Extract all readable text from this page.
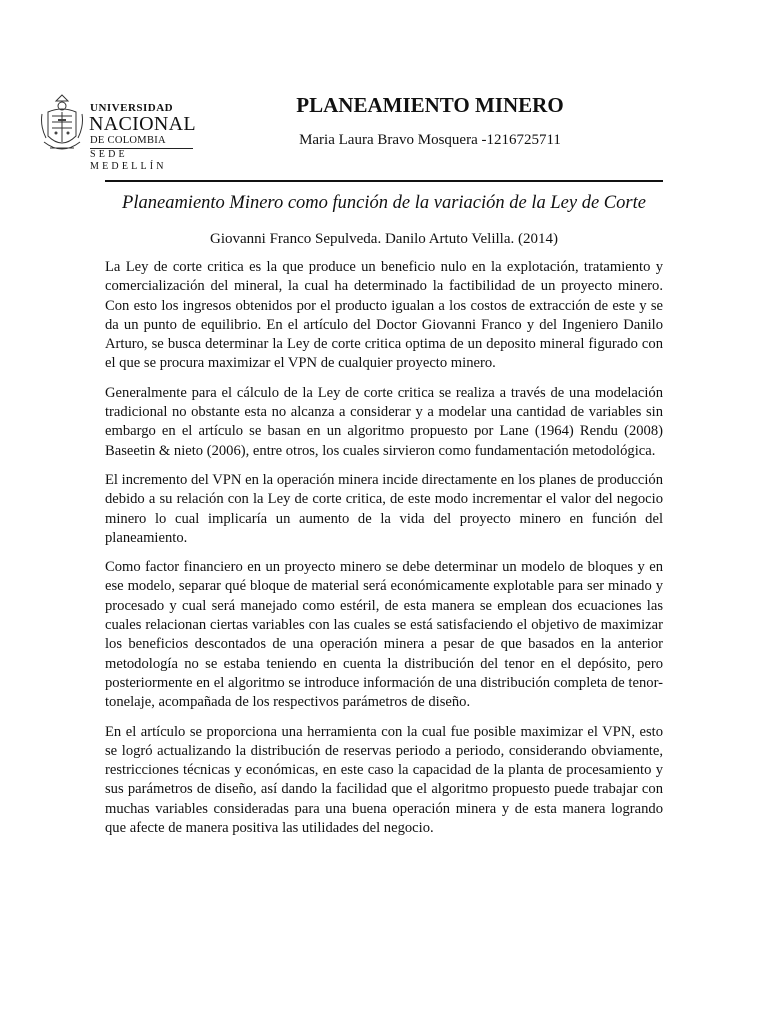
UNIVERSIDAD
NACIONAL
DE COLOMBIA
SEDE MEDELLÍN
PLANEAMIENTO MINERO
Maria Laura Bravo Mosquera -1216725711
Planeamiento Minero como función de la variación de la Ley de Corte
Giovanni Franco Sepulveda. Danilo Artuto Velilla. (2014)

La Ley de corte critica es la que produce un beneficio nulo en la explotación, tratamiento y comercialización del mineral, la cual ha determinado la factibilidad de un proyecto minero. Con esto los ingresos obtenidos por el producto igualan a los costos de extracción de este y se da un punto de equilibrio. En el artículo del Doctor Giovanni Franco y del Ingeniero Danilo Arturo, se busca determinar la Ley de corte critica optima de un deposito mineral figurado con el que se procura maximizar el VPN de cualquier proyecto minero.

Generalmente para el cálculo de la Ley de corte critica se realiza a través de una modelación tradicional no obstante esta no alcanza a considerar y a modelar una cantidad de variables sin embargo en el artículo se basan en un algoritmo propuesto por Lane (1964) Rendu (2008) Baseetin & nieto (2006), entre otros, los cuales sirvieron como fundamentación metodológica.

El incremento del VPN en la operación minera incide directamente en los planes de producción debido a su relación con la Ley de corte critica, de este modo incrementar el valor del negocio minero lo cual implicaría un aumento de la vida del proyecto minero en función del planeamiento.

Como factor financiero en un proyecto minero se debe determinar un modelo de bloques y en ese modelo, separar qué bloque de material será económicamente explotable para ser minado y procesado y cual será manejado como estéril, de esta manera se emplean dos ecuaciones las cuales relacionan ciertas variables con las cuales se está satisfaciendo el objetivo de maximizar los beneficios descontados de una operación minera a pesar de que basados en la anterior metodología no se estaba teniendo en cuenta la distribución del tenor en el depósito, pero posteriormente en el algoritmo se introduce información de una distribución completa de tenor-tonelaje, acompañada de los respectivos parámetros de diseño.

En el artículo se proporciona una herramienta con la cual fue posible maximizar el VPN, esto se logró actualizando la distribución de reservas periodo a periodo, considerando obviamente, restricciones técnicas y económicas, en este caso la capacidad de la planta de procesamiento y sus parámetros de diseño, así dando la facilidad que el algoritmo propuesto puede trabajar con muchas variables consideradas para una buena operación minera y de esta manera logrando que afecte de manera positiva las utilidades del negocio.
